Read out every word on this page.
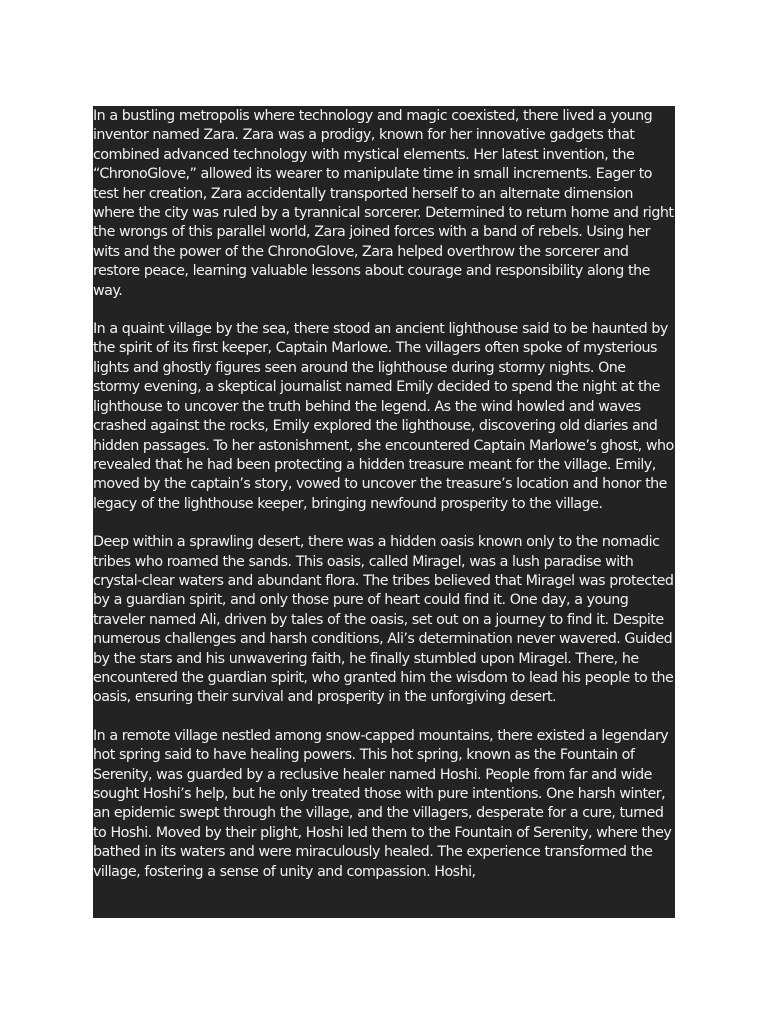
In a bustling metropolis where technology and magic coexisted, there lived a young inventor named Zara. Zara was a prodigy, known for her innovative gadgets that combined advanced technology with mystical elements. Her latest invention, the “ChronoGlove,” allowed its wearer to manipulate time in small increments. Eager to test her creation, Zara accidentally transported herself to an alternate dimension where the city was ruled by a tyrannical sorcerer. Determined to return home and right the wrongs of this parallel world, Zara joined forces with a band of rebels. Using her wits and the power of the ChronoGlove, Zara helped overthrow the sorcerer and restore peace, learning valuable lessons about courage and responsibility along the way.

In a quaint village by the sea, there stood an ancient lighthouse said to be haunted by the spirit of its first keeper, Captain Marlowe. The villagers often spoke of mysterious lights and ghostly figures seen around the lighthouse during stormy nights. One stormy evening, a skeptical journalist named Emily decided to spend the night at the lighthouse to uncover the truth behind the legend. As the wind howled and waves crashed against the rocks, Emily explored the lighthouse, discovering old diaries and hidden passages. To her astonishment, she encountered Captain Marlowe’s ghost, who revealed that he had been protecting a hidden treasure meant for the village. Emily, moved by the captain’s story, vowed to uncover the treasure’s location and honor the legacy of the lighthouse keeper, bringing newfound prosperity to the village.

Deep within a sprawling desert, there was a hidden oasis known only to the nomadic tribes who roamed the sands. This oasis, called Miragel, was a lush paradise with crystal-clear waters and abundant flora. The tribes believed that Miragel was protected by a guardian spirit, and only those pure of heart could find it. One day, a young traveler named Ali, driven by tales of the oasis, set out on a journey to find it. Despite numerous challenges and harsh conditions, Ali’s determination never wavered. Guided by the stars and his unwavering faith, he finally stumbled upon Miragel. There, he encountered the guardian spirit, who granted him the wisdom to lead his people to the oasis, ensuring their survival and prosperity in the unforgiving desert.

In a remote village nestled among snow-capped mountains, there existed a legendary hot spring said to have healing powers. This hot spring, known as the Fountain of Serenity, was guarded by a reclusive healer named Hoshi. People from far and wide sought Hoshi’s help, but he only treated those with pure intentions. One harsh winter, an epidemic swept through the village, and the villagers, desperate for a cure, turned to Hoshi. Moved by their plight, Hoshi led them to the Fountain of Serenity, where they bathed in its waters and were miraculously healed. The experience transformed the village, fostering a sense of unity and compassion. Hoshi,
